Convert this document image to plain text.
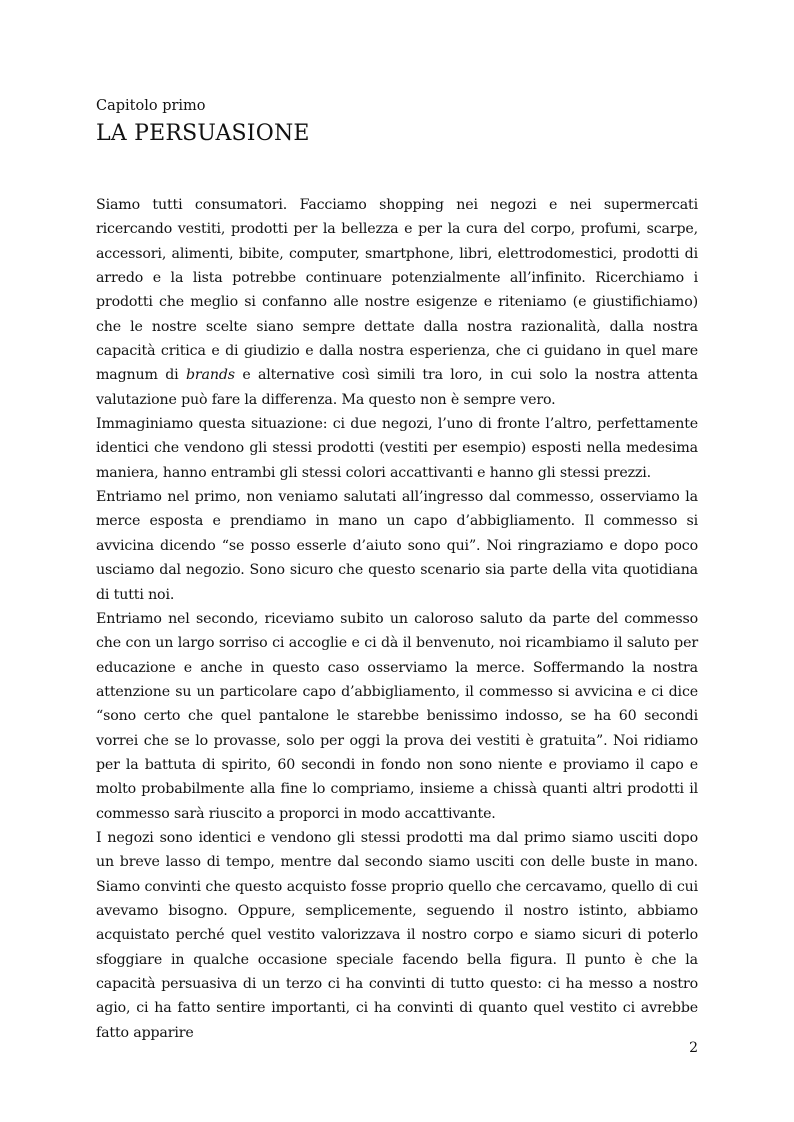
Capitolo primo

LA PERSUASIONE

Siamo tutti consumatori. Facciamo shopping nei negozi e nei supermercati ricercando vestiti, prodotti per la bellezza e per la cura del corpo, profumi, scarpe, accessori, alimenti, bibite, computer, smartphone, libri, elettrodomestici, prodotti di arredo e la lista potrebbe continuare potenzialmente all’infinito. Ricerchiamo i prodotti che meglio si confanno alle nostre esigenze e riteniamo (e giustifichiamo) che le nostre scelte siano sempre dettate dalla nostra razionalità, dalla nostra capacità critica e di giudizio e dalla nostra esperienza, che ci guidano in quel mare magnum di brands e alternative così simili tra loro, in cui solo la nostra attenta valutazione può fare la differenza. Ma questo non è sempre vero.

Immaginiamo questa situazione: ci due negozi, l’uno di fronte l’altro, perfettamente identici che vendono gli stessi prodotti (vestiti per esempio) esposti nella medesima maniera, hanno entrambi gli stessi colori accattivanti e hanno gli stessi prezzi.

Entriamo nel primo, non veniamo salutati all’ingresso dal commesso, osserviamo la merce esposta e prendiamo in mano un capo d’abbigliamento. Il commesso si avvicina dicendo “se posso esserle d’aiuto sono qui”. Noi ringraziamo e dopo poco usciamo dal negozio. Sono sicuro che questo scenario sia parte della vita quotidiana di tutti noi.

Entriamo nel secondo, riceviamo subito un caloroso saluto da parte del commesso che con un largo sorriso ci accoglie e ci dà il benvenuto, noi ricambiamo il saluto per educazione e anche in questo caso osserviamo la merce. Soffermando la nostra attenzione su un particolare capo d’abbigliamento, il commesso si avvicina e ci dice “sono certo che quel pantalone le starebbe benissimo indosso, se ha 60 secondi vorrei che se lo provasse, solo per oggi la prova dei vestiti è gratuita”. Noi ridiamo per la battuta di spirito, 60 secondi in fondo non sono niente e proviamo il capo e molto probabilmente alla fine lo compriamo, insieme a chissà quanti altri prodotti il commesso sarà riuscito a proporci in modo accattivante.

I negozi sono identici e vendono gli stessi prodotti ma dal primo siamo usciti dopo un breve lasso di tempo, mentre dal secondo siamo usciti con delle buste in mano. Siamo convinti che questo acquisto fosse proprio quello che cercavamo, quello di cui avevamo bisogno. Oppure, semplicemente, seguendo il nostro istinto, abbiamo acquistato perché quel vestito valorizzava il nostro corpo e siamo sicuri di poterlo sfoggiare in qualche occasione speciale facendo bella figura. Il punto è che la capacità persuasiva di un terzo ci ha convinti di tutto questo: ci ha messo a nostro agio, ci ha fatto sentire importanti, ci ha convinti di quanto quel vestito ci avrebbe fatto apparire

2
